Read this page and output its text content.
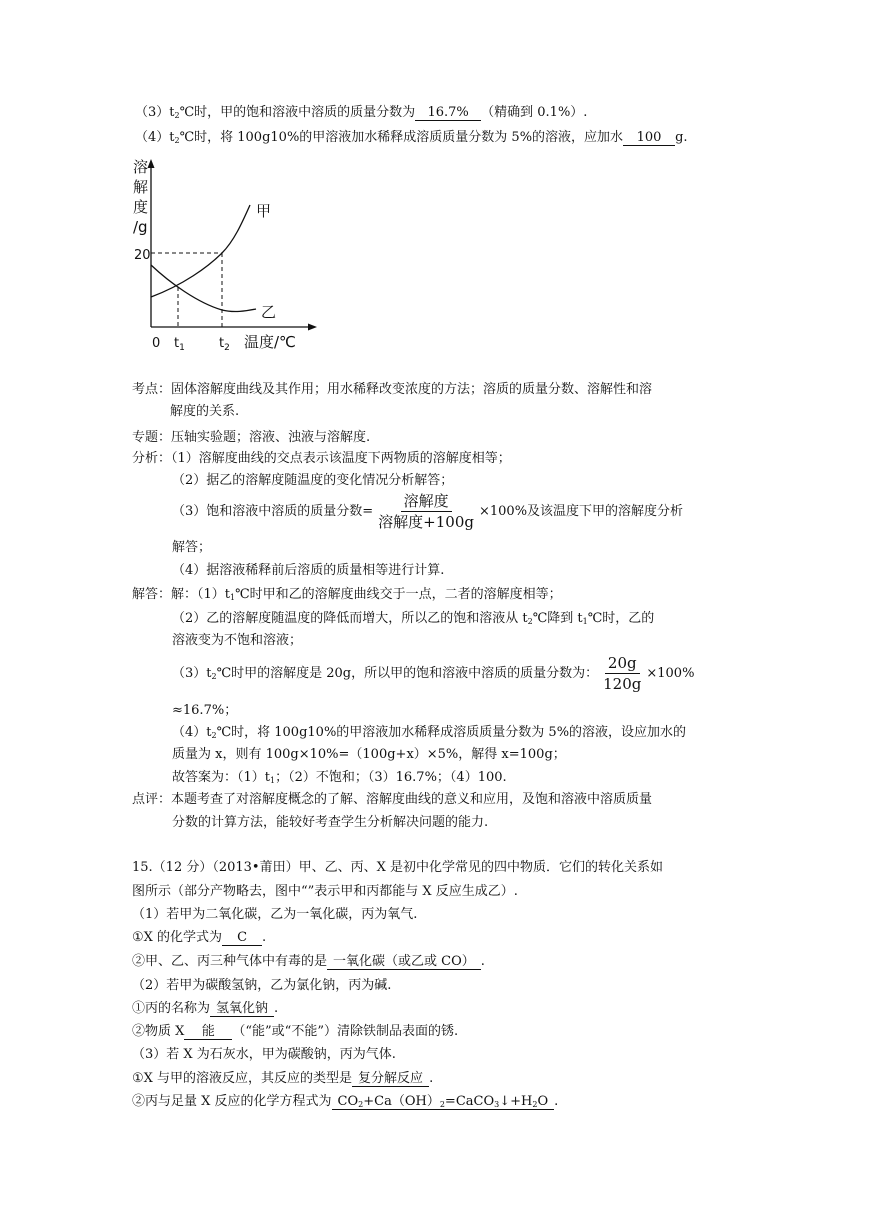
$(3)t_2℃$时，甲的饱和溶液中溶质的质量分数为 16.7% （精确到 0.1%）.
$(4)t_2℃$时，将 100g10%的甲溶液加水稀释成溶质质量分数为 5%的溶液，应加水 100 g.
溶
解
度
/g
甲
乙
20
0 $t_1$	$t_2$ 温度/℃
考点：固体溶解度曲线及其作用；用水稀释改变浓度的方法；溶质的质量分数、溶解性和溶
解度的关系.
专题：压轴实验题；溶液、浊液与溶解度.
分析：（1）溶解度曲线的交点表示该温度下两物质的溶解度相等；
（2）据乙的溶解度随温度的变化情况分析解答；
（3）饱和溶液中溶质的质量分数= $\frac{\text{溶解度}}{\text{溶解度+100g}} \times 100\%$及该温度下甲的溶解度分析
解答；
（4）据溶液稀释前后溶质的质量相等进行计算.
解答：解：$(1)t_1℃$时甲和乙的溶解度曲线交于一点，二者的溶解度相等；
（2）乙的溶解度随温度的降低而增大，所以乙的饱和溶液从 $t_2℃$降到 $t_1℃$时，乙的
溶液变为不饱和溶液；
$(3)t_2℃$时甲的溶解度是 20g，所以甲的饱和溶液中溶质的质量分数为： $\frac{20g}{120g} \times 100\%$
≈16.7%；
$(4)t_2℃$时，将 100g10%的甲溶液加水稀释成溶质质量分数为 5%的溶液，设应加水的
质量为 x，则有 100g×10%=（100g+x）×5%，解得 x=100g；
故答案为：$(1)t_1$；（2）不饱和；（3）16.7%；（4）100.
点评：本题考查了对溶解度概念的了解、溶解度曲线的意义和应用，及饱和溶液中溶质质量
分数的计算方法，能较好考查学生分析解决问题的能力.
15.（12 分）（2013•莆田）甲、乙、丙、X 是初中化学常见的四中物质．它们的转化关系如
图所示（部分产物略去，图中“”表示甲和丙都能与 X 反应生成乙）.
（1）若甲为二氧化碳，乙为一氧化碳，丙为氧气.
①X 的化学式为 C .
②甲、乙、丙三种气体中有毒的是 一氧化碳（或乙或 CO） .
（2）若甲为碳酸氢钠，乙为氯化钠，丙为碱.
①丙的名称为 氢氧化钠 .
②物质 X 能 （“能”或“不能”）清除铁制品表面的锈.
（3）若 X 为石灰水，甲为碳酸钠，丙为气体.
①X 与甲的溶液反应，其反应的类型是 复分解反应 .
②丙与足量 X 反应的化学方程式为 $CO_2+Ca(OH)_2=CaCO_3↓+H_2O$ .
